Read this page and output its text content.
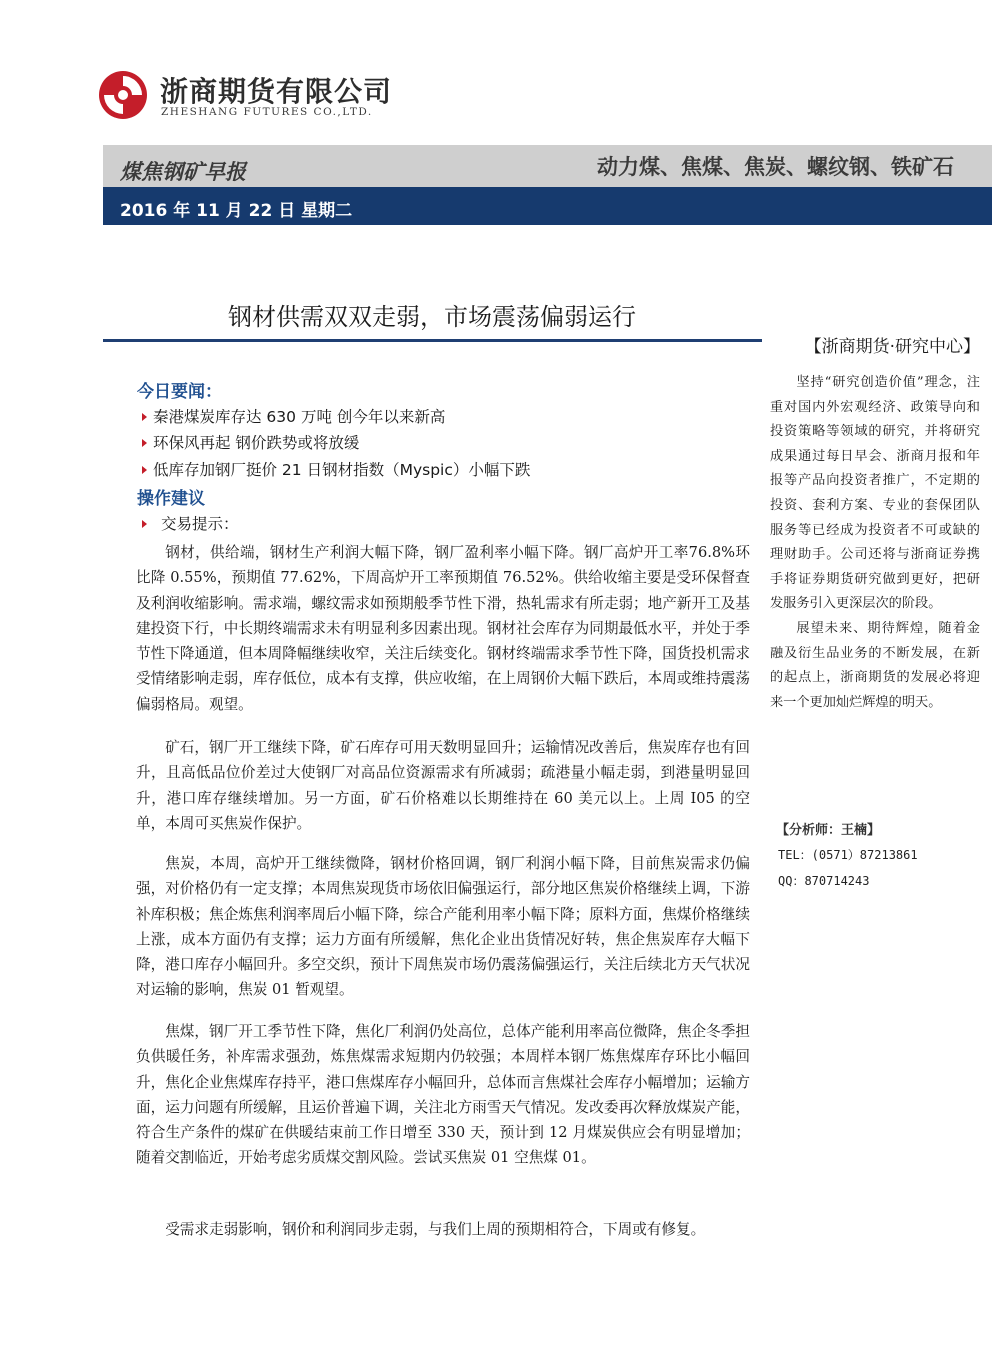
浙商期货有限公司
ZHESHANG FUTURES CO.,LTD.
煤焦钢矿早报	动力煤、焦煤、焦炭、螺纹钢、铁矿石
2016 年 11 月 22 日 星期二
钢材供需双双走弱，市场震荡偏弱运行
【浙商期货·研究中心】

坚持“研究创造价值”理念，注重对国内外宏观经济、政策导向和投资策略等领域的研究，并将研究成果通过每日早会、浙商月报和年报等产品向投资者推广，不定期的投资、套利方案、专业的套保团队服务等已经成为投资者不可或缺的理财助手。公司还将与浙商证券携手将证券期货研究做到更好，把研发服务引入更深层次的阶段。

展望未来、期待辉煌，随着金融及衍生品业务的不断发展，在新的起点上，浙商期货的发展必将迎来一个更加灿烂辉煌的明天。

【分析师：王楠】
TEL：(0571）87213861
QQ：870714243
今日要闻：
秦港煤炭库存达 630 万吨 创今年以来新高
环保风再起 钢价跌势或将放缓
低库存加钢厂挺价 21 日钢材指数（Myspic）小幅下跌
操作建议
交易提示：

钢材，供给端，钢材生产利润大幅下降，钢厂盈利率小幅下降。钢厂高炉开工率76.8%环比降 0.55%，预期值 77.62%，下周高炉开工率预期值 76.52%。供给收缩主要是受环保督查及利润收缩影响。需求端，螺纹需求如预期般季节性下滑，热轧需求有所走弱；地产新开工及基建投资下行，中长期终端需求未有明显利多因素出现。钢材社会库存为同期最低水平，并处于季节性下降通道，但本周降幅继续收窄，关注后续变化。钢材终端需求季节性下降，国货投机需求受情绪影响走弱，库存低位，成本有支撑，供应收缩，在上周钢价大幅下跌后，本周或维持震荡偏弱格局。观望。

矿石，钢厂开工继续下降，矿石库存可用天数明显回升；运输情况改善后，焦炭库存也有回升，且高低品位价差过大使钢厂对高品位资源需求有所减弱；疏港量小幅走弱，到港量明显回升，港口库存继续增加。另一方面，矿石价格难以长期维持在 60 美元以上。上周 I05 的空单，本周可买焦炭作保护。

焦炭，本周，高炉开工继续微降，钢材价格回调，钢厂利润小幅下降，目前焦炭需求仍偏强，对价格仍有一定支撑；本周焦炭现货市场依旧偏强运行，部分地区焦炭价格继续上调，下游补库积极；焦企炼焦利润率周后小幅下降，综合产能利用率小幅下降；原料方面，焦煤价格继续上涨，成本方面仍有支撑；运力方面有所缓解，焦化企业出货情况好转，焦企焦炭库存大幅下降，港口库存小幅回升。多空交织，预计下周焦炭市场仍震荡偏强运行，关注后续北方天气状况对运输的影响，焦炭 01 暂观望。

焦煤，钢厂开工季节性下降，焦化厂利润仍处高位，总体产能利用率高位微降，焦企冬季担负供暖任务，补库需求强劲，炼焦煤需求短期内仍较强；本周样本钢厂炼焦煤库存环比小幅回升，焦化企业焦煤库存持平，港口焦煤库存小幅回升，总体而言焦煤社会库存小幅增加；运输方面，运力问题有所缓解，且运价普遍下调，关注北方雨雪天气情况。发改委再次释放煤炭产能，符合生产条件的煤矿在供暖结束前工作日增至 330 天，预计到 12 月煤炭供应会有明显增加；随着交割临近，开始考虑劣质煤交割风险。尝试买焦炭 01 空焦煤 01。

受需求走弱影响，钢价和利润同步走弱，与我们上周的预期相符合，下周或有修复。
